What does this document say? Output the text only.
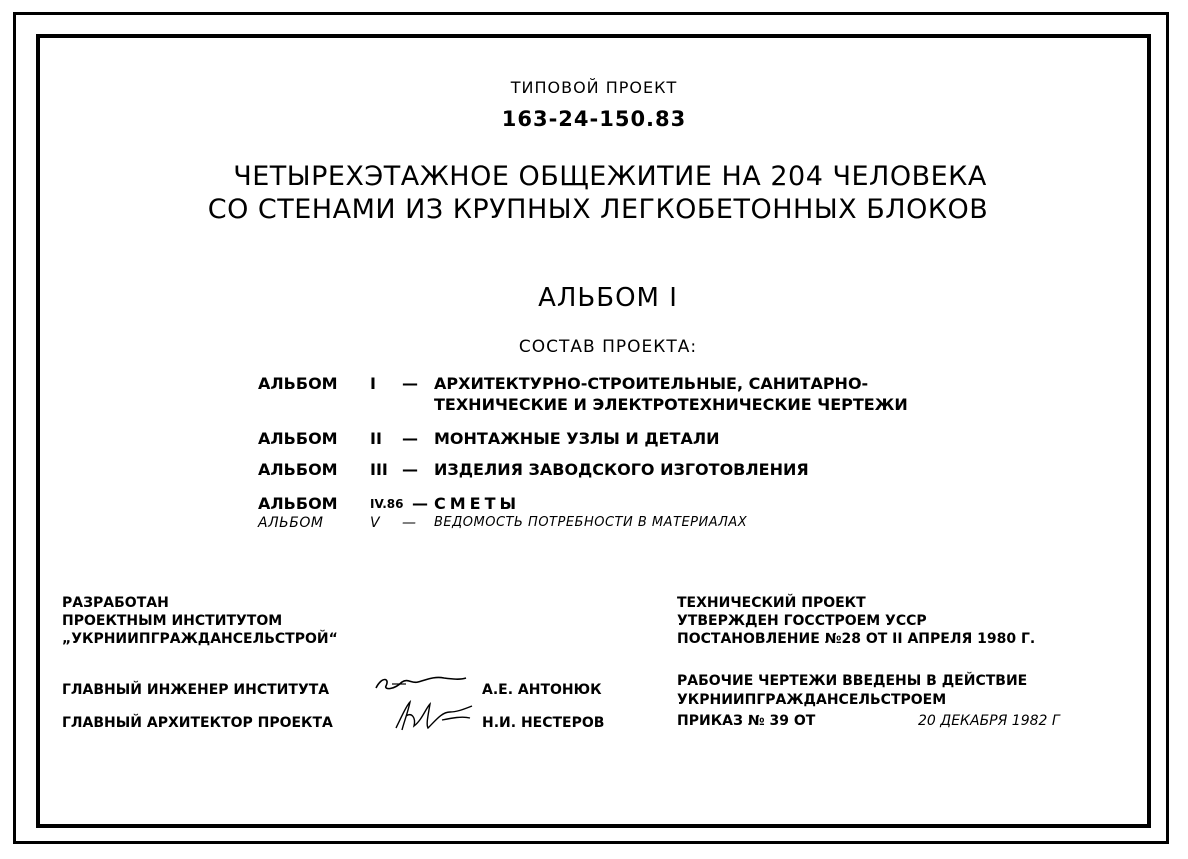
ТИПОВОЙ ПРОЕКТ
163-24-150.83
ЧЕТЫРЕХЭТАЖНОЕ ОБЩЕЖИТИЕ НА 204 ЧЕЛОВЕКА
СО СТЕНАМИ ИЗ КРУПНЫХ ЛЕГКОБЕТОННЫХ БЛОКОВ
АЛЬБОМ I
СОСТАВ ПРОЕКТА:
АЛЬБОМ I — АРХИТЕКТУРНО-СТРОИТЕЛЬНЫЕ, САНИТАРНО-
ТЕХНИЧЕСКИЕ И ЭЛЕКТРОТЕХНИЧЕСКИЕ ЧЕРТЕЖИ
АЛЬБОМ II — МОНТАЖНЫЕ УЗЛЫ И ДЕТАЛИ
АЛЬБОМ III — ИЗДЕЛИЯ ЗАВОДСКОГО ИЗГОТОВЛЕНИЯ
АЛЬБОМ	IV.86 — СМЕТЫ
АЛЬБОМ	V — ВЕДОМОСТЬ ПОТРЕБНОСТИ В МАТЕРИАЛАХ
РАЗРАБОТАН
ПРОЕКТНЫМ ИНСТИТУТОМ
„УКРНИИПГРАЖДАНСЕЛЬСТРОЙ“
ГЛАВНЫЙ ИНЖЕНЕР ИНСТИТУТА	А.Е. АНТОНЮК
ГЛАВНЫЙ АРХИТЕКТОР ПРОЕКТА	Н.И. НЕСТЕРОВ
ТЕХНИЧЕСКИЙ ПРОЕКТ
УТВЕРЖДЕН ГОССТРОЕМ УССР
ПОСТАНОВЛЕНИЕ №28 ОТ II АПРЕЛЯ 1980 Г.
РАБОЧИЕ ЧЕРТЕЖИ ВВЕДЕНЫ В ДЕЙСТВИЕ
УКРНИИПГРАЖДАНСЕЛЬСТРОЕМ
ПРИКАЗ № 39 ОТ	20 ДЕКАБРЯ 1982 Г
